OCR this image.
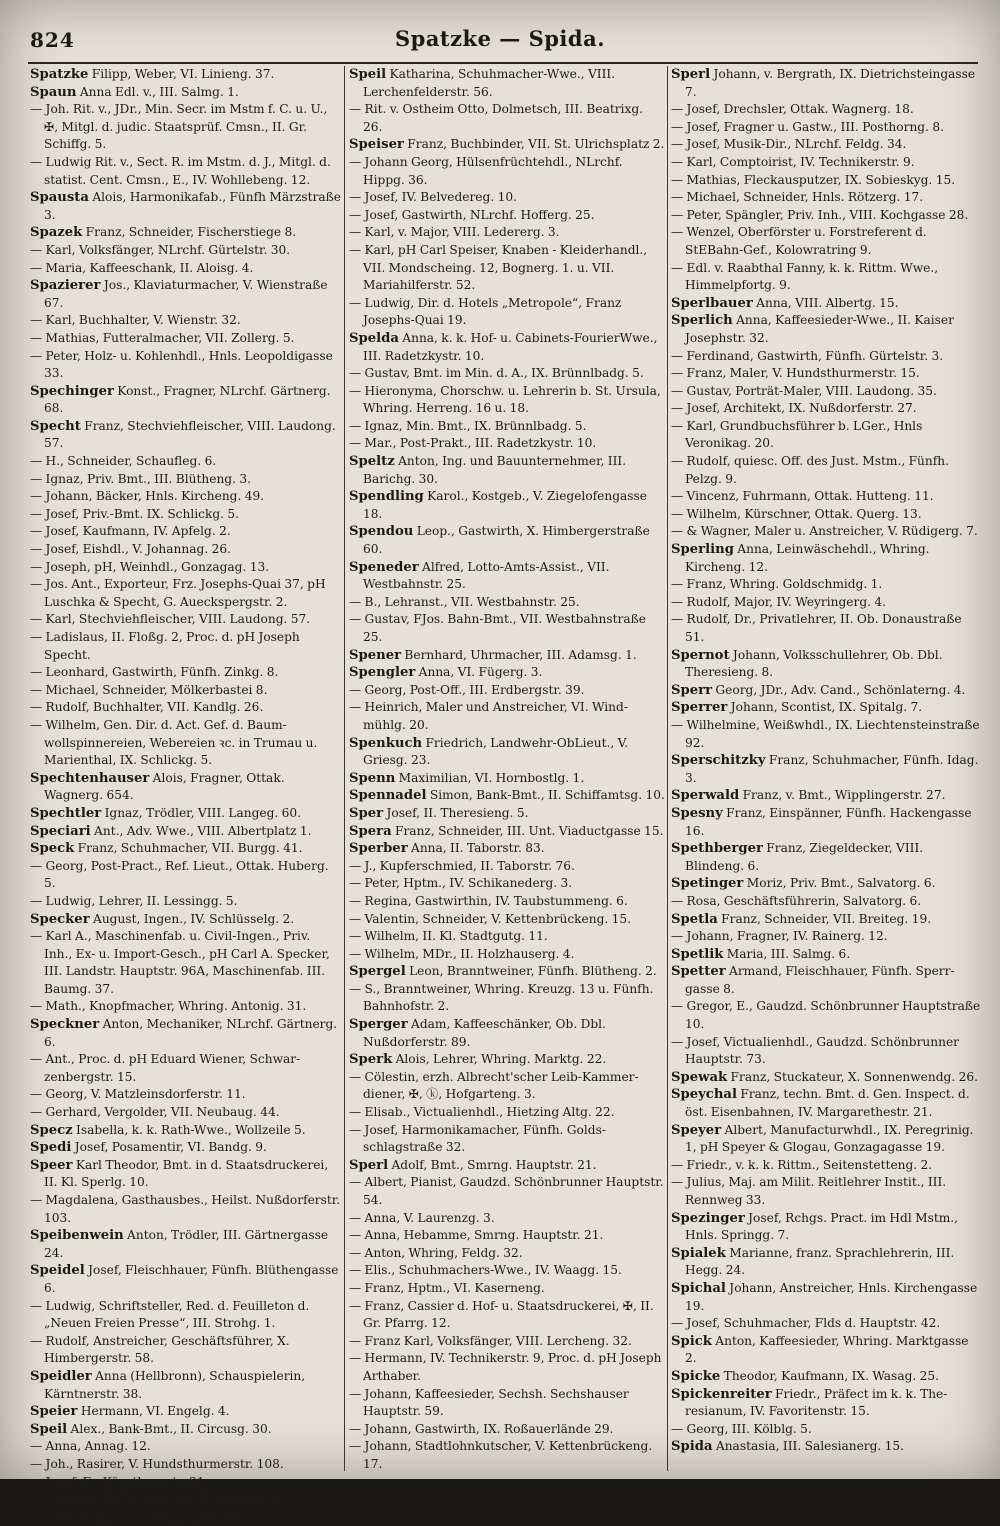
824	Spatzke — Spida.
Spatzke Filipp, Weber, VI. Linieng. 37.
Spaun Anna Edl. v., III. Salmg. 1.
— Joh. Rit. v., JDr., Min. Secr. im Mstm f. C. u. U., ✠, Mitgl. d. judic. Staatsprüf. Cmsn., II. Gr. Schiffg. 5.
— Ludwig Rit. v., Sect. R. im Mstm. d. J., Mitgl. d. statist. Cent. Cmsn., E., IV. Wohllebeng. 12.
Spausta Alois, Harmonikafab., Fünfh Märzstraße 3.
Spazek Franz, Schneider, Fischerstiege 8.
— Karl, Volksfänger, NLrchf. Gürtelstr. 30.
— Maria, Kaffeeschank, II. Aloisg. 4.
Spazierer Jos., Klaviaturmacher, V. Wienstraße 67.
— Karl, Buchhalter, V. Wienstr. 32.
— Mathias, Futteralmacher, VII. Zollerg. 5.
— Peter, Holz- u. Kohlenhdl., Hnls. Leopoldigasse 33.
Spechinger Konst., Fragner, NLrchf. Gärtnerg. 68.
Specht Franz, Stechviehfleischer, VIII. Laudong. 57.
— H., Schneider, Schaufleg. 6.
— Ignaz, Priv. Bmt., III. Blütheng. 3.
— Johann, Bäcker, Hnls. Kircheng. 49.
— Josef, Priv.-Bmt. IX. Schlickg. 5.
— Josef, Kaufmann, IV. Apfelg. 2.
— Josef, Eishdl., V. Johannag. 26.
— Joseph, pH, Weinhdl., Gonzagag. 13.
— Jos. Ant., Exporteur, Frz. Josephs-Quai 37, pH Luschka & Specht, G. Aueckspergstr. 2.
— Karl, Stechviehfleischer, VIII. Laudong. 57.
— Ladislaus, II. Floßg. 2, Proc. d. pH Joseph Specht.
— Leonhard, Gastwirth, Fünfh. Zinkg. 8.
— Michael, Schneider, Mölkerbastei 8.
— Rudolf, Buchhalter, VII. Kandlg. 26.
— Wilhelm, Gen. Dir. d. Act. Gef. d. Baumwollspinnereien, Webereien ꝛc. in Trumau u. Marienthal, IX. Schlickg. 5.
Spechtenhauser Alois, Fragner, Ottak. Wagnerg. 654.
Spechtler Ignaz, Trödler, VIII. Langeg. 60.
Speciari Ant., Adv. Wwe., VIII. Albertplatz 1.
Speck Franz, Schuhmacher, VII. Burgg. 41.
— Georg, Post-Pract., Ref. Lieut., Ottak. Huberg. 5.
— Ludwig, Lehrer, II. Lessingg. 5.
Specker August, Ingen., IV. Schlüsselg. 2.
— Karl A., Maschinenfab. u. Civil-Ingen., Priv. Inh., Ex- u. Import-Gesch., pH Carl A. Specker, III. Landstr. Hauptstr. 96A, Maschinenfab. III. Baumg. 37.
— Math., Knopfmacher, Whring. Antonig. 31.
Speckner Anton, Mechaniker, NLrchf. Gärtnerg. 6.
— Ant., Proc. d. pH Eduard Wiener, Schwarzenbergstr. 15.
— Georg, V. Matzleinsdorferstr. 11.
— Gerhard, Vergolder, VII. Neubaug. 44.
Specz Isabella, k. k. Rath-Wwe., Wollzeile 5.
Spedi Josef, Posamentir, VI. Bandg. 9.
Speer Karl Theodor, Bmt. in d. Staatsdruckerei, II. Kl. Sperlg. 10.
— Magdalena, Gasthausbes., Heilst. Nußdorferstr. 103.
Speibenwein Anton, Trödler, III. Gärtnergasse 24.
Speidel Josef, Fleischhauer, Fünfh. Blüthengasse 6.
— Ludwig, Schriftsteller, Red. d. Feuilleton d. „Neuen Freien Presse“, III. Strohg. 1.
— Rudolf, Anstreicher, Geschäftsführer, X. Himbergerstr. 58.
Speidler Anna (Hellbronn), Schauspielerin, Kärntnerstr. 38.
Speier Hermann, VI. Engelg. 4.
Speil Alex., Bank-Bmt., II. Circusg. 30.
— Anna, Annag. 12.
— Joh., Rasirer, V. Hundsthurmerstr. 108.
— Josef, E., Kärnthnerstr. 21.
— Josef, Sichh. W. Insp., VI. Laimgrubeng. 13.
— Josef, Schneider, Sonnenfelsg. 7.
Speil Katharina, Schuhmacher-Wwe., VIII. Lerchenfelderstr. 56.
— Rit. v. Ostheim Otto, Dolmetsch, III. Beatrixg. 26.
Speiser Franz, Buchbinder, VII. St. Ulrichsplatz 2.
— Johann Georg, Hülsenfrüchtehdl., NLrchf. Hippg. 36.
— Josef, IV. Belvedereg. 10.
— Josef, Gastwirth, NLrchf. Hofferg. 25.
— Karl, v. Major, VIII. Ledererg. 3.
— Karl, pH Carl Speiser, Knaben - Kleiderhandl., VII. Mondscheing. 12, Bognerg. 1. u. VII. Mariahilferstr. 52.
— Ludwig, Dir. d. Hotels „Metropole“, Franz Josephs-Quai 19.
Spelda Anna, k. k. Hof- u. Cabinets-FourierWwe., III. Radetzkystr. 10.
— Gustav, Bmt. im Min. d. A., IX. Brünnlbadg. 5.
— Hieronyma, Chorschw. u. Lehrerin b. St. Ursula, Whring. Herreng. 16 u. 18.
— Ignaz, Min. Bmt., IX. Brünnlbadg. 5.
— Mar., Post-Prakt., III. Radetzkystr. 10.
Speltz Anton, Ing. und Bauunternehmer, III. Barichg. 30.
Spendling Karol., Kostgeb., V. Ziegelofengasse 18.
Spendou Leop., Gastwirth, X. Himbergerstraße 60.
Speneder Alfred, Lotto-Amts-Assist., VII. Westbahnstr. 25.
— B., Lehranst., VII. Westbahnstr. 25.
— Gustav, FJos. Bahn-Bmt., VII. Westbahnstraße 25.
Spener Bernhard, Uhrmacher, III. Adamsg. 1.
Spengler Anna, VI. Fügerg. 3.
— Georg, Post-Off., III. Erdbergstr. 39.
— Heinrich, Maler und Anstreicher, VI. Windmühlg. 20.
Spenkuch Friedrich, Landwehr-ObLieut., V. Griesg. 23.
Spenn Maximilian, VI. Hornbostlg. 1.
Spennadel Simon, Bank-Bmt., II. Schiffamtsg. 10.
Sper Josef, II. Theresieng. 5.
Spera Franz, Schneider, III. Unt. Viaductgasse 15.
Sperber Anna, II. Taborstr. 83.
— J., Kupferschmied, II. Taborstr. 76.
— Peter, Hptm., IV. Schikanederg. 3.
— Regina, Gastwirthin, IV. Taubstummeng. 6.
— Valentin, Schneider, V. Kettenbrückeng. 15.
— Wilhelm, II. Kl. Stadtgutg. 11.
— Wilhelm, MDr., II. Holzhauserg. 4.
Spergel Leon, Branntweiner, Fünfh. Blütheng. 2.
— S., Branntweiner, Whring. Kreuzg. 13 u. Fünfh. Bahnhofstr. 2.
Sperger Adam, Kaffeeschänker, Ob. Dbl. Nußdorferstr. 89.
Sperk Alois, Lehrer, Whring. Marktg. 22.
— Cölestin, erzh. Albrecht'scher Leib-Kammerdiener, ✠, ⓚ, Hofgarteng. 3.
— Elisab., Victualienhdl., Hietzing Altg. 22.
— Josef, Harmonikamacher, Fünfh. Goldsschlagstraße 32.
Sperl Adolf, Bmt., Smrng. Hauptstr. 21.
— Albert, Pianist, Gaudzd. Schönbrunner Hauptstr. 54.
— Anna, V. Laurenzg. 3.
— Anna, Hebamme, Smrng. Hauptstr. 21.
— Anton, Whring, Feldg. 32.
— Elis., Schuhmachers-Wwe., IV. Waagg. 15.
— Franz, Hptm., VI. Kaserneng.
— Franz, Cassier d. Hof- u. Staatsdruckerei, ✠, II. Gr. Pfarrg. 12.
— Franz Karl, Volksfänger, VIII. Lercheng. 32.
— Hermann, IV. Technikerstr. 9, Proc. d. pH Joseph Arthaber.
— Johann, Kaffeesieder, Sechsh. Sechshauser Hauptstr. 59.
— Johann, Gastwirth, IX. Roßauerlände 29.
— Johann, Stadtlohnkutscher, V. Kettenbrückeng. 17.
Sperl Johann, v. Bergrath, IX. Dietrichsteingasse 7.
— Josef, Drechsler, Ottak. Wagnerg. 18.
— Josef, Fragner u. Gastw., III. Posthorng. 8.
— Josef, Musik-Dir., NLrchf. Feldg. 34.
— Karl, Comptoirist, IV. Technikerstr. 9.
— Mathias, Fleckausputzer, IX. Sobieskyg. 15.
— Michael, Schneider, Hnls. Rötzerg. 17.
— Peter, Spängler, Priv. Inh., VIII. Kochgasse 28.
— Wenzel, Oberförster u. Forstreferent d. StEBahn-Gef., Kolowratring 9.
— Edl. v. Raabthal Fanny, k. k. Rittm. Wwe., Himmelpfortg. 9.
Sperlbauer Anna, VIII. Albertg. 15.
Sperlich Anna, Kaffeesieder-Wwe., II. Kaiser Josephstr. 32.
— Ferdinand, Gastwirth, Fünfh. Gürtelstr. 3.
— Franz, Maler, V. Hundsthurmerstr. 15.
— Gustav, Porträt-Maler, VIII. Laudong. 35.
— Josef, Architekt, IX. Nußdorferstr. 27.
— Karl, Grundbuchsführer b. LGer., Hnls Veronikag. 20.
— Rudolf, quiesc. Off. des Just. Mstm., Fünfh. Pelzg. 9.
— Vincenz, Fuhrmann, Ottak. Hutteng. 11.
— Wilhelm, Kürschner, Ottak. Querg. 13.
— & Wagner, Maler u. Anstreicher, V. Rüdigerg. 7.
Sperling Anna, Leinwäschehdl., Whring. Kircheng. 12.
— Franz, Whring. Goldschmidg. 1.
— Rudolf, Major, IV. Weyringerg. 4.
— Rudolf, Dr., Privatlehrer, II. Ob. Donaustraße 51.
Spernot Johann, Volksschullehrer, Ob. Dbl. Theresieng. 8.
Sperr Georg, JDr., Adv. Cand., Schönlaterng. 4.
Sperrer Johann, Scontist, IX. Spitalg. 7.
— Wilhelmine, Weißwhdl., IX. Liechtensteinstraße 92.
Sperschitzky Franz, Schuhmacher, Fünfh. Idag. 3.
Sperwald Franz, v. Bmt., Wipplingerstr. 27.
Spesny Franz, Einspänner, Fünfh. Hackengasse 16.
Spethberger Franz, Ziegeldecker, VIII. Blindeng. 6.
Spetinger Moriz, Priv. Bmt., Salvatorg. 6.
— Rosa, Geschäftsführerin, Salvatorg. 6.
Spetla Franz, Schneider, VII. Breiteg. 19.
— Johann, Fragner, IV. Rainerg. 12.
Spetlik Maria, III. Salmg. 6.
Spetter Armand, Fleischhauer, Fünfh. Sperrgasse 8.
— Gregor, E., Gaudzd. Schönbrunner Hauptstraße 10.
— Josef, Victualienhdl., Gaudzd. Schönbrunner Hauptstr. 73.
Spewak Franz, Stuckateur, X. Sonnenwendg. 26.
Speychal Franz, techn. Bmt. d. Gen. Inspect. d. öst. Eisenbahnen, IV. Margarethestr. 21.
Speyer Albert, Manufacturwhdl., IX. Peregrinig. 1, pH Speyer & Glogau, Gonzagagasse 19.
— Friedr., v. k. k. Rittm., Seitenstetteng. 2.
— Julius, Maj. am Milit. Reitlehrer Instit., III. Rennweg 33.
Spezinger Josef, Rchgs. Pract. im Hdl Mstm., Hnls. Springg. 7.
Spialek Marianne, franz. Sprachlehrerin, III. Hegg. 24.
Spichal Johann, Anstreicher, Hnls. Kirchengasse 19.
— Josef, Schuhmacher, Flds d. Hauptstr. 42.
Spick Anton, Kaffeesieder, Whring. Marktgasse 2.
Spicke Theodor, Kaufmann, IX. Wasag. 25.
Spickenreiter Friedr., Präfect im k. k. Theresianum, IV. Favoritenstr. 15.
— Georg, III. Kölblg. 5.
Spida Anastasia, III. Salesianerg. 15.
